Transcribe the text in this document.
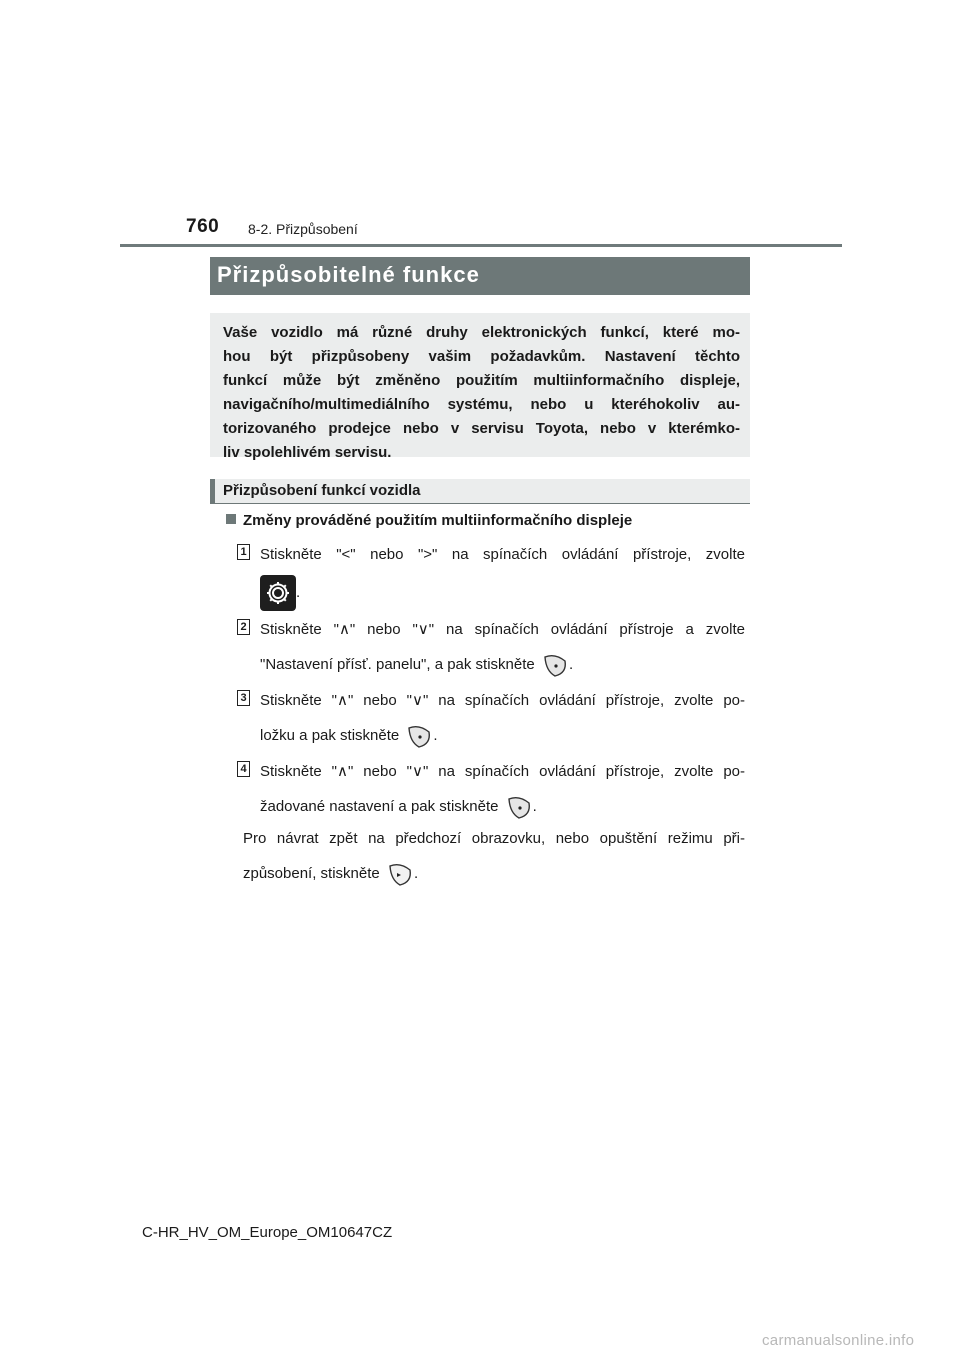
760 8-2. Přizpůsobení
Přizpůsobitelné funkce
Vaše vozidlo má různé druhy elektronických funkcí, které mo-
hou být přizpůsobeny vašim požadavkům. Nastavení těchto
funkcí může být změněno použitím multiinformačního displeje,
navigačního/multimediálního systému, nebo u kteréhokoliv au-
torizovaného prodejce nebo v servisu Toyota, nebo v kterémko-
liv spolehlivém servisu.
Přizpůsobení funkcí vozidla
Změny prováděné použitím multiinformačního displeje
1 Stiskněte "<" nebo ">" na spínačích ovládání přístroje, zvolte
.
2 Stiskněte "∧" nebo "∨" na spínačích ovládání přístroje a zvolte
"Nastavení přísť. panelu", a pak stiskněte .
3 Stiskněte "∧" nebo "∨" na spínačích ovládání přístroje, zvolte po-
ložku a pak stiskněte .
4 Stiskněte "∧" nebo "∨" na spínačích ovládání přístroje, zvolte po-
žadované nastavení a pak stiskněte .
Pro návrat zpět na předchozí obrazovku, nebo opuštění režimu při-
způsobení, stiskněte .
C-HR_HV_OM_Europe_OM10647CZ
carmanualsonline.info
